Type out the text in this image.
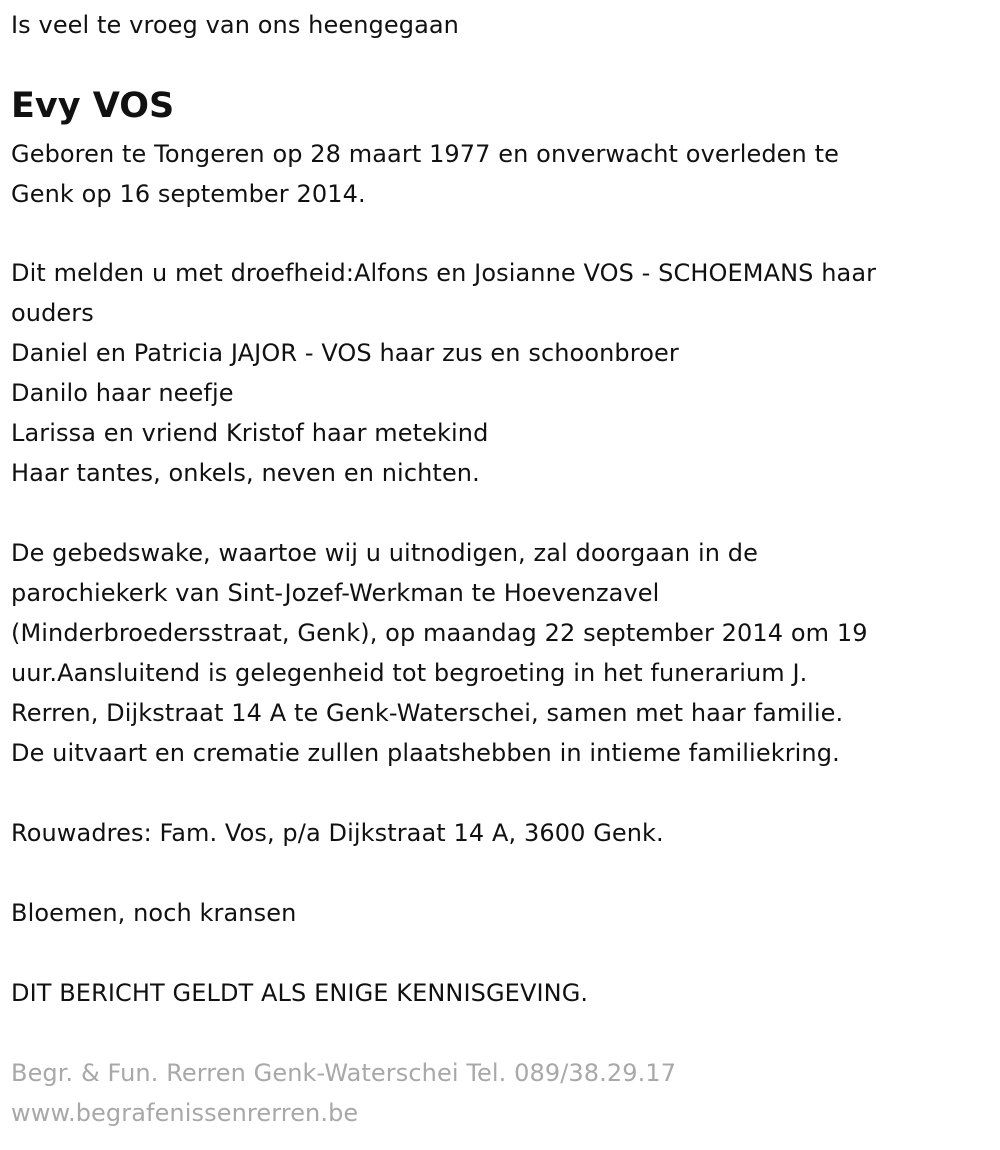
Is veel te vroeg van ons heengegaan
Evy VOS
Geboren te Tongeren op 28 maart 1977 en onverwacht overleden te
Genk op 16 september 2014.
Dit melden u met droefheid:Alfons en Josianne VOS - SCHOEMANS haar
ouders
Daniel en Patricia JAJOR - VOS haar zus en schoonbroer
Danilo haar neefje
Larissa en vriend Kristof haar metekind
Haar tantes, onkels, neven en nichten.
De gebedswake, waartoe wij u uitnodigen, zal doorgaan in de
parochiekerk van Sint-Jozef-Werkman te Hoevenzavel
(Minderbroedersstraat, Genk), op maandag 22 september 2014 om 19
uur.Aansluitend is gelegenheid tot begroeting in het funerarium J.
Rerren, Dijkstraat 14 A te Genk-Waterschei, samen met haar familie.
De uitvaart en crematie zullen plaatshebben in intieme familiekring.
Rouwadres: Fam. Vos, p/a Dijkstraat 14 A, 3600 Genk.
Bloemen, noch kransen
DIT BERICHT GELDT ALS ENIGE KENNISGEVING.
Begr. & Fun. Rerren Genk-Waterschei Tel. 089/38.29.17
www.begrafenissenrerren.be
